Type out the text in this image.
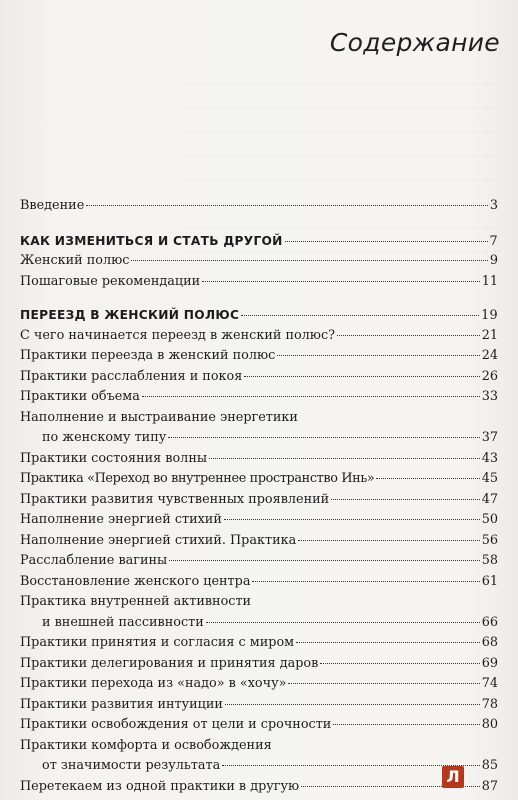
Содержание
Введение	3
КАК ИЗМЕНИТЬСЯ И СТАТЬ ДРУГОЙ	7
Женский полюс	9
Пошаговые рекомендации	11
ПЕРЕЕЗД В ЖЕНСКИЙ ПОЛЮС	19
С чего начинается переезд в женский полюс?	21
Практики переезда в женский полюс	24
Практики расслабления и покоя	26
Практики объема	33
Наполнение и выстраивание энергетики
по женскому типу	37
Практики состояния волны	43
Практика «Переход во внутреннее пространство Инь»	45
Практики развития чувственных проявлений	47
Наполнение энергией стихий	50
Наполнение энергией стихий. Практика	56
Расслабление вагины	58
Восстановление женского центра	61
Практика внутренней активности
и внешней пассивности	66
Практики принятия и согласия с миром	68
Практики делегирования и принятия даров	69
Практики перехода из «надо» в «хочу»	74
Практики развития интуиции	78
Практики освобождения от цели и срочности	80
Практики комфорта и освобождения
от значимости результата	85
Перетекаем из одной практики в другую	87
Л
